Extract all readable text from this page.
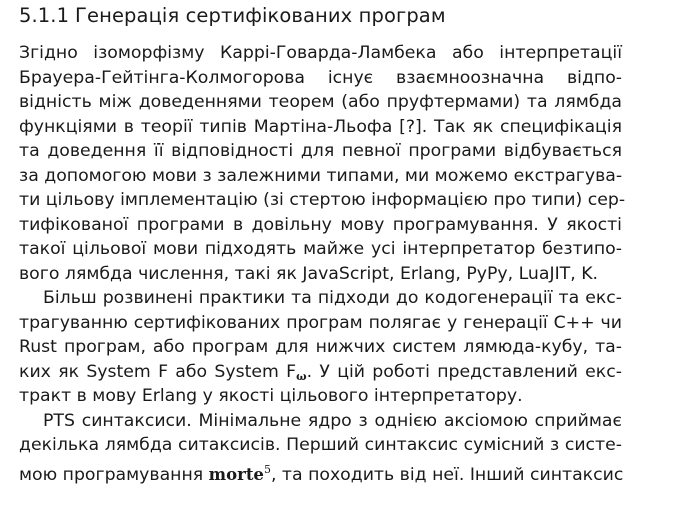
5.1.1 Генерація сертифікованих програм

Згідно ізоморфізму Каррі-Говарда-Ламбека або інтерпретації
Брауера-Гейтінга-Колмогорова існує взаємноозначна відпо-
відність між доведеннями теорем (або пруфтермами) та лямбда
функціями в теорії типів Мартіна-Льофа [?]. Так як специфікація
та доведення її відповідності для певної програми відбувається
за допомогою мови з залежними типами, ми можемо екстрагува-
ти цільову імплементацію (зі стертою інформацією про типи) сер-
тифікованої програми в довільну мову програмування. У якості
такої цільової мови підходять майже усі інтерпретатор безтипо-
вого лямбда числення, такі як JavaScript, Erlang, PyPy, LuaJIT, K.

Більш розвинені практики та підходи до кодогенерації та екс-
трагуванню сертифікованих програм полягає у генерації C++ чи
Rust програм, або програм для нижчих систем лямюда-кубу, та-
ких як System F або System $F_\omega$. У цій роботі представлений екс-
тракт в мову Erlang у якості цільового інтерпретатору.

PTS синтаксиси. Мінімальне ядро з однією аксіомою сприймає
декілька лямбда ситаксисів. Перший синтаксис сумісний з систе-
мою програмування morte$^5$, та походить від неї. Інший синтаксис
